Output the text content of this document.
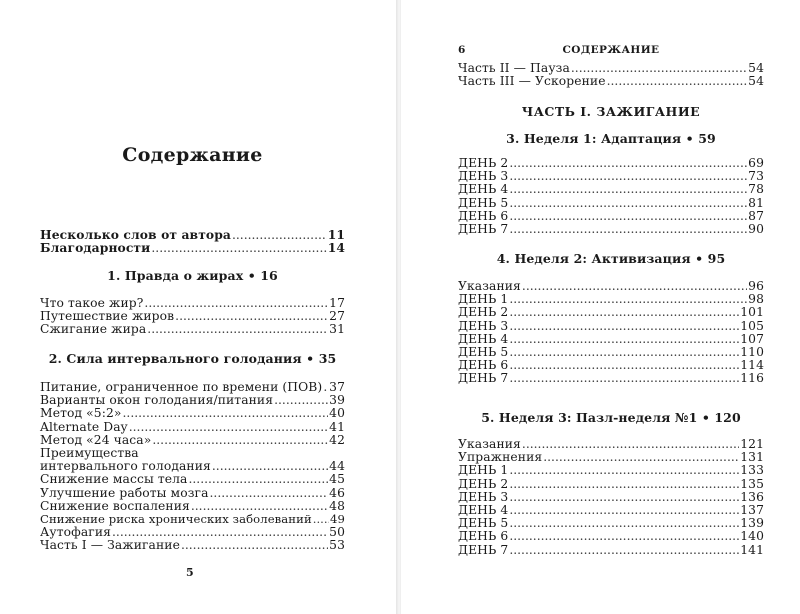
Содержание
Несколько слов от автора .....	11
Благодарности .....	14
1. Правда о жирах • 16
Что такое жир? .....	17
Путешествие жиров .....	27
Сжигание жира .....	31
2. Сила интервального голодания • 35
Питание, ограниченное по времени (ПОВ) ..... 37
Варианты окон голодания/питания .....	39
Метод «5:2» .....	40
Alternate Day .....	41
Метод «24 часа» .....	42
Преимущества
интервального голодания .....	44
Снижение массы тела .....	45
Улучшение работы мозга .....	46
Снижение воспаления .....	48
Снижение риска хронических заболеваний ..... 49
Аутофагия .....	50
Часть I — Зажигание .....	53
5
6	СОДЕРЖАНИЕ
Часть II — Пауза .....	54
Часть III — Ускорение .....	54
ЧАСТЬ I. ЗАЖИГАНИЕ
3. Неделя 1: Адаптация • 59
ДЕНЬ 2 .....	69
ДЕНЬ 3 .....	73
ДЕНЬ 4 .....	78
ДЕНЬ 5 .....	81
ДЕНЬ 6 .....	87
ДЕНЬ 7 .....	90
4. Неделя 2: Активизация • 95
Указания .....	96
ДЕНЬ 1 .....	98
ДЕНЬ 2 .....	101
ДЕНЬ 3 .....	105
ДЕНЬ 4 .....	107
ДЕНЬ 5 .....	110
ДЕНЬ 6 .....	114
ДЕНЬ 7 .....	116
5. Неделя 3: Пазл-неделя №1 • 120
Указания .....	121
Упражнения .....	131
ДЕНЬ 1 .....	133
ДЕНЬ 2 .....	135
ДЕНЬ 3 .....	136
ДЕНЬ 4 .....	137
ДЕНЬ 5 .....	139
ДЕНЬ 6 .....	140
ДЕНЬ 7 .....	141
